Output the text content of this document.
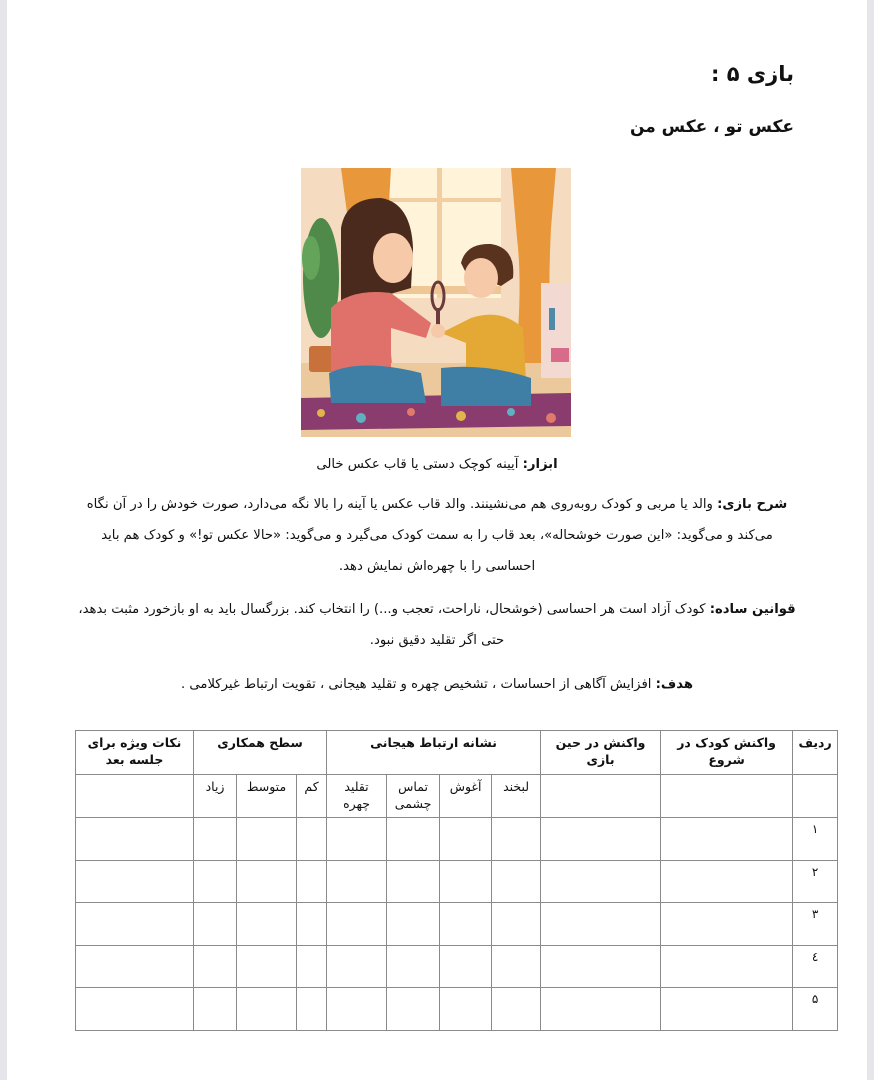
بازی ۵ :
عکس تو ، عکس من
ابزار: آیینه کوچک دستی یا قاب عکس خالی
شرح بازی: والد یا مربی و کودک روبه‌روی هم می‌نشینند. والد قاب عکس یا آینه را بالا نگه می‌دارد، صورت خودش را در آن نگاه می‌کند و می‌گوید: «این صورت خوشحاله»، بعد قاب را به سمت کودک می‌گیرد و می‌گوید: «حالا عکس تو!» و کودک هم باید احساسی را با چهره‌اش نمایش دهد.
قوانین ساده: کودک آزاد است هر احساسی (خوشحال، ناراحت، تعجب و...) را انتخاب کند. بزرگسال باید به او بازخورد مثبت بدهد، حتی اگر تقلید دقیق نبود.
هدف: افزایش آگاهی از احساسات ، تشخیص چهره و تقلید هیجانی ، تقویت ارتباط غیرکلامی .
ردیف	واکنش کودک در شروع	واکنش در حین بازی	نشانه ارتباط هیجانی				سطح همکاری			نکات ویژه برای جلسه بعد
			لبخند	آغوش	تماس چشمی	تقلید چهره	کم	متوسط	زیاد	
۱										
۲										
۳										
٤										
۵										
